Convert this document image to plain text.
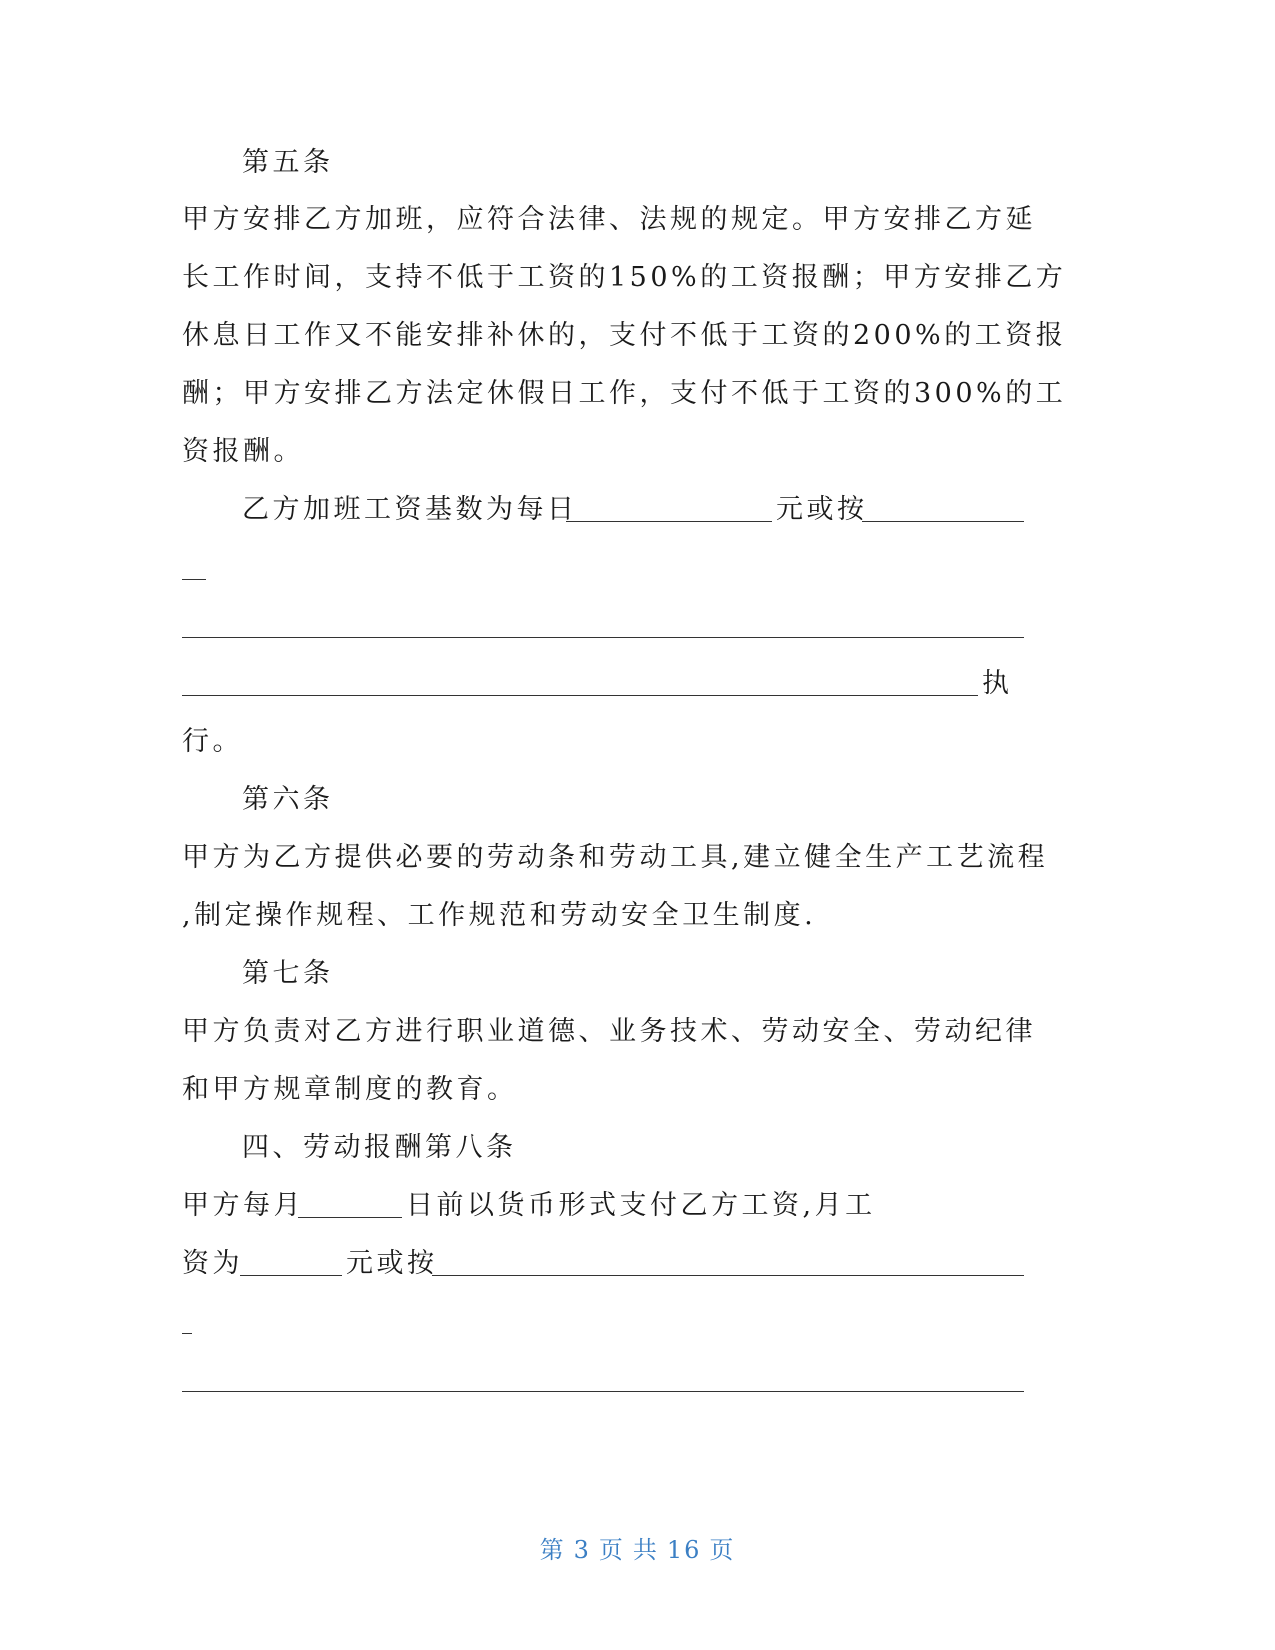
第五条
甲方安排乙方加班，应符合法律、法规的规定。甲方安排乙方延
长工作时间，支持不低于工资的150%的工资报酬；甲方安排乙方
休息日工作又不能安排补休的，支付不低于工资的200%的工资报
酬；甲方安排乙方法定休假日工作，支付不低于工资的300%的工
资报酬。
乙方加班工资基数为每日	元或按
执
行。
第六条
甲方为乙方提供必要的劳动条和劳动工具,建立健全生产工艺流程
,制定操作规程、工作规范和劳动安全卫生制度.
第七条
甲方负责对乙方进行职业道德、业务技术、劳动安全、劳动纪律
和甲方规章制度的教育。
四、劳动报酬第八条
甲方每月	日前以货币形式支付乙方工资,月工
资为	元或按
第 3 页 共 16 页
